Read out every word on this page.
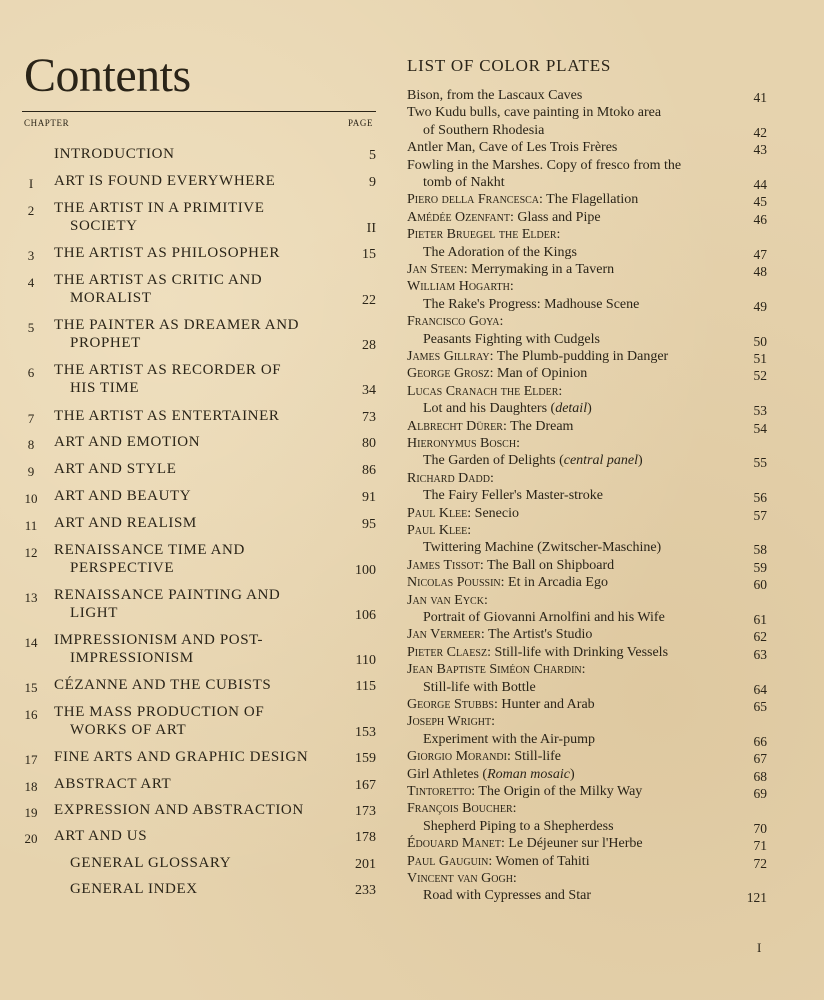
Contents
CHAPTER	PAGE
INTRODUCTION	5
I	ART IS FOUND EVERYWHERE	9
2	THE ARTIST IN A PRIMITIVE
SOCIETY	II
3	THE ARTIST AS PHILOSOPHER	15
4	THE ARTIST AS CRITIC AND
MORALIST	22
5	THE PAINTER AS DREAMER AND
PROPHET	28
6	THE ARTIST AS RECORDER OF
HIS TIME	34
7	THE ARTIST AS ENTERTAINER	73
8	ART AND EMOTION	80
9	ART AND STYLE	86
10	ART AND BEAUTY	91
11	ART AND REALISM	95
12	RENAISSANCE TIME AND
PERSPECTIVE	100
13	RENAISSANCE PAINTING AND
LIGHT	106
14	IMPRESSIONISM AND POST-
IMPRESSIONISM	110
15	CÉZANNE AND THE CUBISTS	115
16	THE MASS PRODUCTION OF
WORKS OF ART	153
17	FINE ARTS AND GRAPHIC DESIGN	159
18	ABSTRACT ART	167
19	EXPRESSION AND ABSTRACTION	173
20	ART AND US	178
GENERAL GLOSSARY	201
GENERAL INDEX	233
LIST OF COLOR PLATES
Bison, from the Lascaux Caves	41
Two Kudu bulls, cave painting in Mtoko area
of Southern Rhodesia	42
Antler Man, Cave of Les Trois Frères	43
Fowling in the Marshes. Copy of fresco from the
tomb of Nakht	44
Piero della Francesca: The Flagellation	45
Amédée Ozenfant: Glass and Pipe	46
Pieter Bruegel the Elder:
The Adoration of the Kings	47
Jan Steen: Merrymaking in a Tavern	48
William Hogarth:
The Rake's Progress: Madhouse Scene	49
Francisco Goya:
Peasants Fighting with Cudgels	50
James Gillray: The Plumb-pudding in Danger	51
George Grosz: Man of Opinion	52
Lucas Cranach the Elder:
Lot and his Daughters (detail)	53
Albrecht Dürer: The Dream	54
Hieronymus Bosch:
The Garden of Delights (central panel)	55
Richard Dadd:
The Fairy Feller's Master-stroke	56
Paul Klee: Senecio	57
Paul Klee:
Twittering Machine (Zwitscher-Maschine)	58
James Tissot: The Ball on Shipboard	59
Nicolas Poussin: Et in Arcadia Ego	60
Jan van Eyck:
Portrait of Giovanni Arnolfini and his Wife	61
Jan Vermeer: The Artist's Studio	62
Pieter Claesz: Still-life with Drinking Vessels	63
Jean Baptiste Siméon Chardin:
Still-life with Bottle	64
George Stubbs: Hunter and Arab	65
Joseph Wright:
Experiment with the Air-pump	66
Giorgio Morandi: Still-life	67
Girl Athletes (Roman mosaic)	68
Tintoretto: The Origin of the Milky Way	69
François Boucher:
Shepherd Piping to a Shepherdess	70
Édouard Manet: Le Déjeuner sur l'Herbe	71
Paul Gauguin: Women of Tahiti	72
Vincent van Gogh:
Road with Cypresses and Star	121
I
